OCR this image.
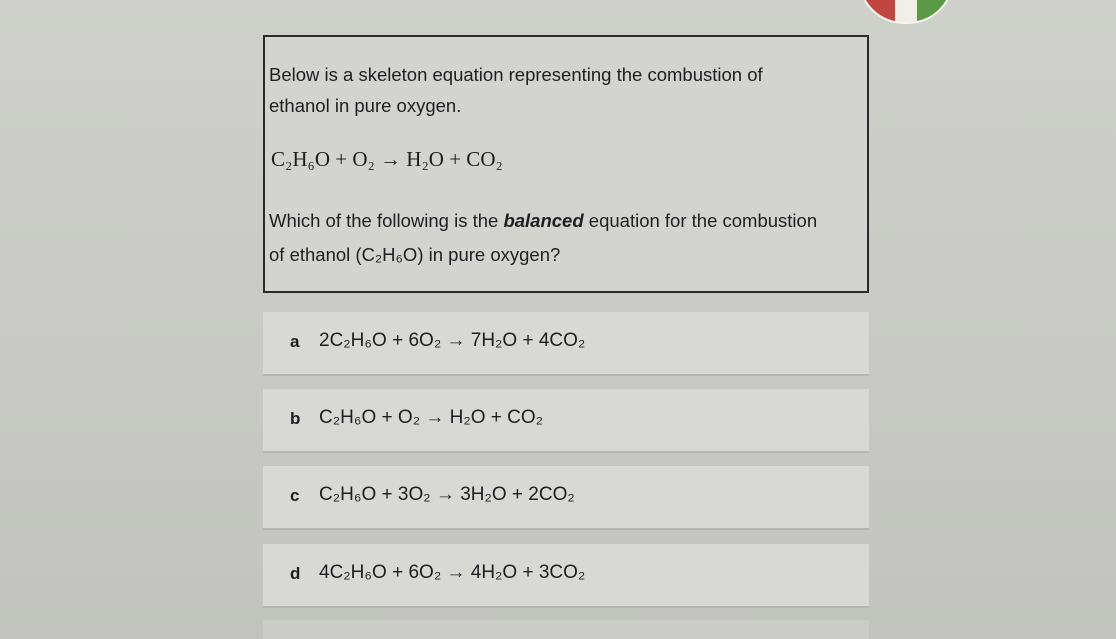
Below is a skeleton equation representing the combustion of
ethanol in pure oxygen.
C₂H₆O + O₂ → H₂O + CO₂
Which of the following is the balanced equation for the combustion
of ethanol (C₂H₆O) in pure oxygen?
a 2C₂H₆O + 6O₂ → 7H₂O + 4CO₂
b C₂H₆O + O₂ → H₂O + CO₂
c C₂H₆O + 3O₂ → 3H₂O + 2CO₂
d 4C₂H₆O + 6O₂ → 4H₂O + 3CO₂
